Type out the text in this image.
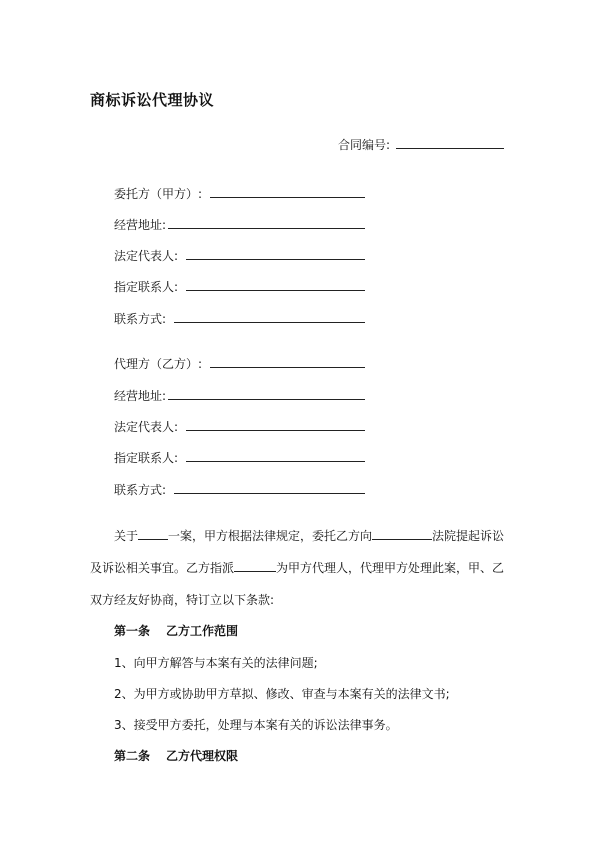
商标诉讼代理协议
合同编号:
委托方（甲方）:
经营地址:
法定代表人:
指定联系人:
联系方式:
代理方（乙方）:
经营地址:
法定代表人:
指定联系人:
联系方式:
关于	一案，甲方根据法律规定，委托乙方向	法院提起诉讼
及诉讼相关事宜。乙方指派	为甲方代理人，代理甲方处理此案，甲、乙
双方经友好协商，特订立以下条款:
第一条 乙方工作范围
1、向甲方解答与本案有关的法律问题;
2、为甲方或协助甲方草拟、修改、审查与本案有关的法律文书;
3、接受甲方委托，处理与本案有关的诉讼法律事务。
第二条 乙方代理权限
